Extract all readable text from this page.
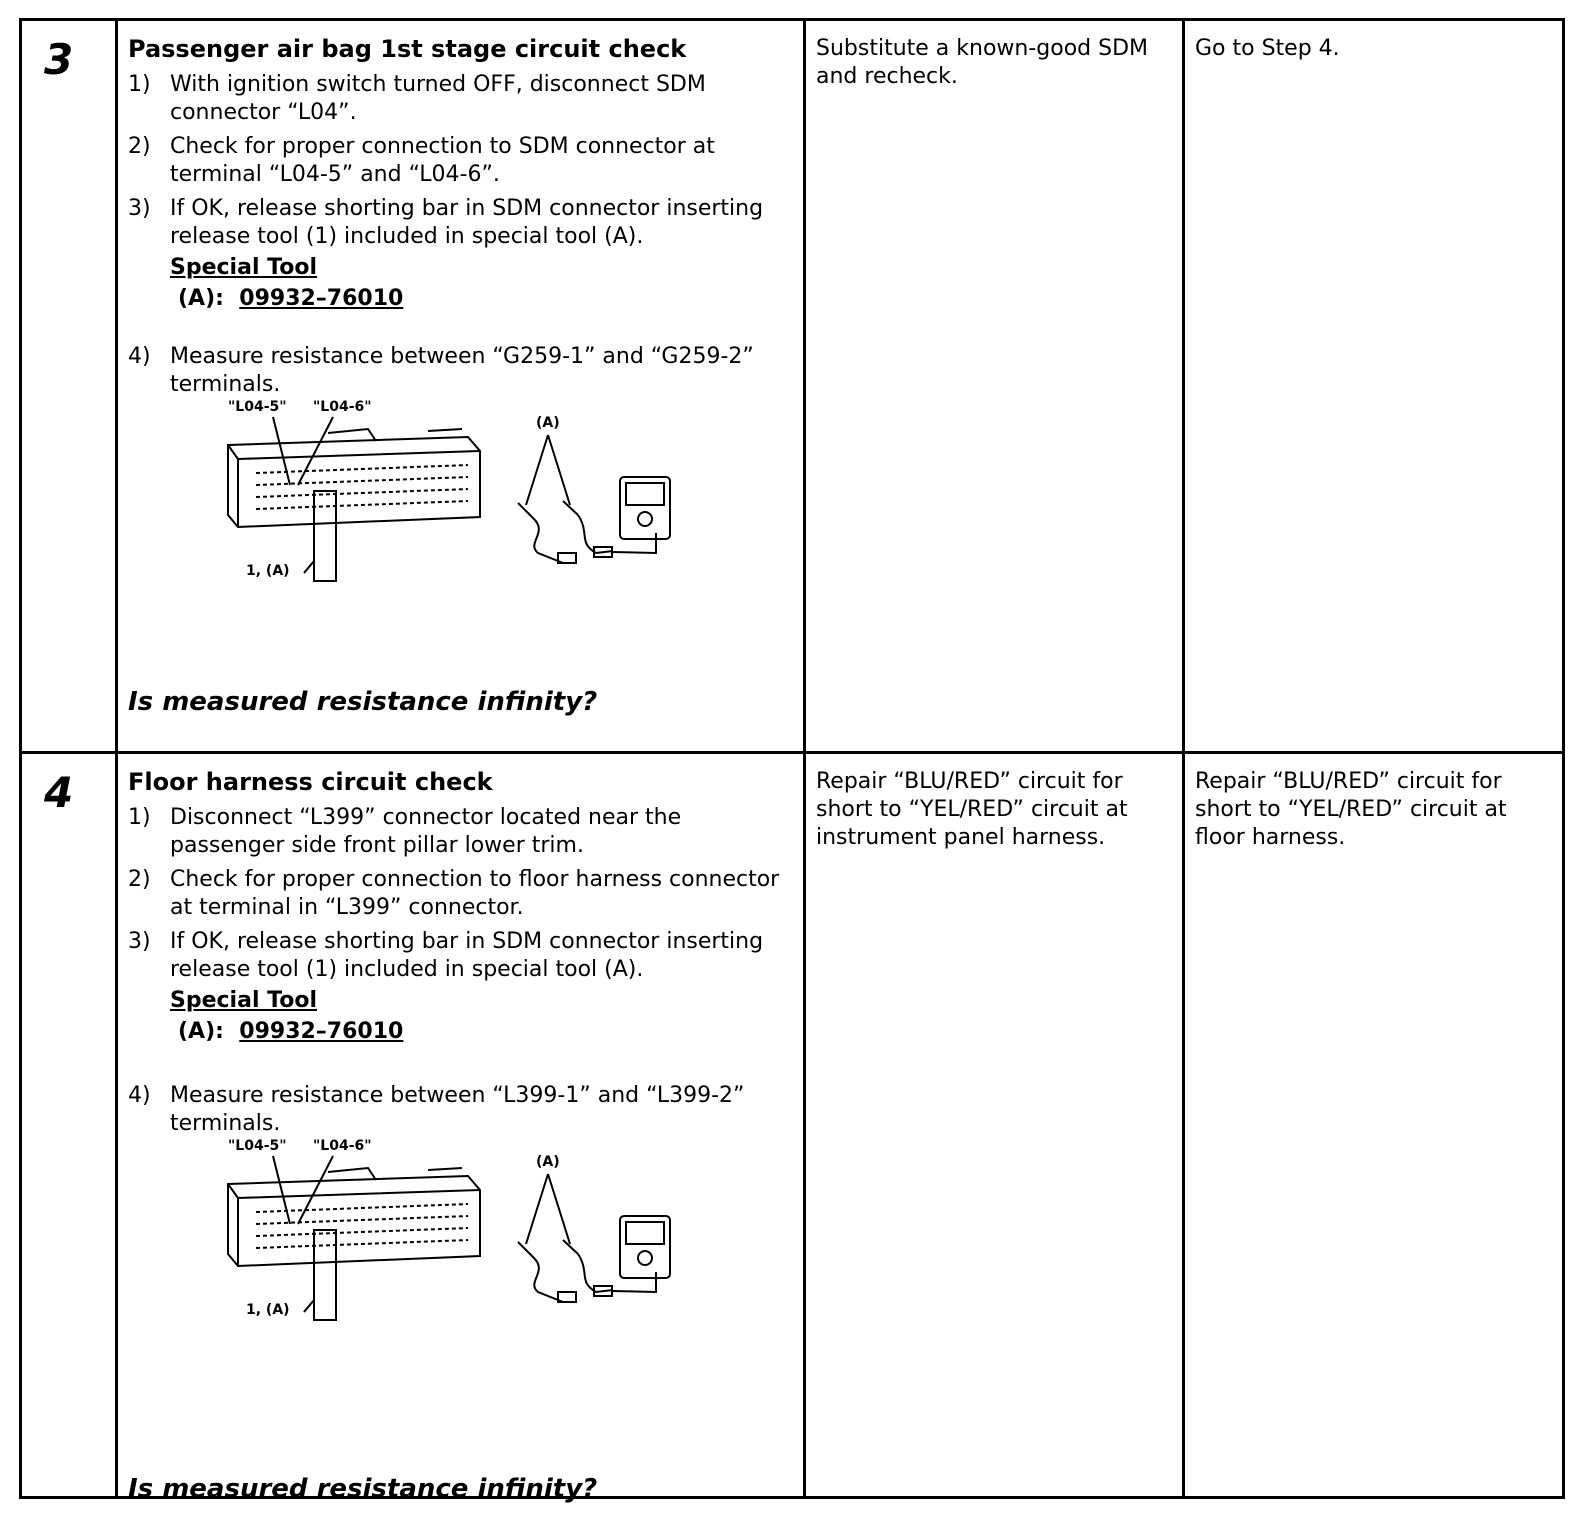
3 Passenger air bag 1st stage circuit check
1) With ignition switch turned OFF, disconnect SDM connector “L04”.
2) Check for proper connection to SDM connector at terminal “L04-5” and “L04-6”.
3) If OK, release shorting bar in SDM connector inserting release tool (1) included in special tool (A).
4) Measure resistance between “G259-1” and “G259-2” terminals.
Special Tool
(A): 09932–76010
"L04-5" "L04-6"
(A)
1, (A)
Is measured resistance infinity?
Substitute a known-good SDM and recheck.
Go to Step 4.
4 Floor harness circuit check
1) Disconnect “L399” connector located near the passenger side front pillar lower trim.
2) Check for proper connection to floor harness connector at terminal in “L399” connector.
3) If OK, release shorting bar in SDM connector inserting release tool (1) included in special tool (A).
4) Measure resistance between “L399-1” and “L399-2” terminals.
Special Tool
(A): 09932–76010
"L04-5" "L04-6"
(A)
1, (A)
Is measured resistance infinity?
Repair “BLU/RED” circuit for short to “YEL/RED” circuit at instrument panel harness.
Repair “BLU/RED” circuit for short to “YEL/RED” circuit at floor harness.
